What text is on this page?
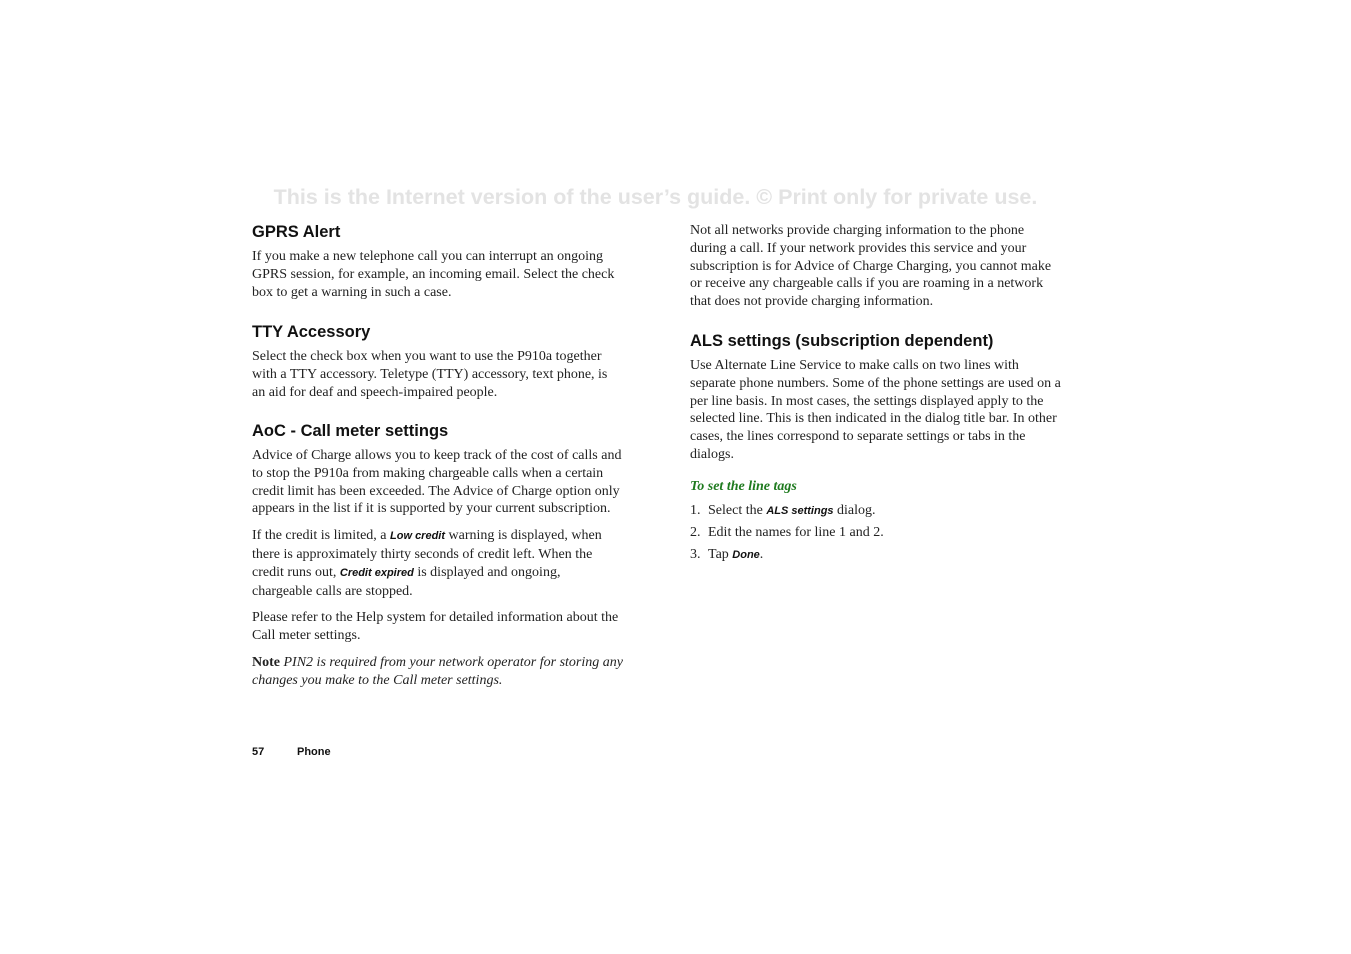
This is the Internet version of the user’s guide. © Print only for private use.
GPRS Alert

If you make a new telephone call you can interrupt an ongoing GPRS session, for example, an incoming email. Select the check box to get a warning in such a case.

TTY Accessory

Select the check box when you want to use the P910a together with a TTY accessory. Teletype (TTY) accessory, text phone, is an aid for deaf and speech-impaired people.

AoC - Call meter settings

Advice of Charge allows you to keep track of the cost of calls and to stop the P910a from making chargeable calls when a certain credit limit has been exceeded. The Advice of Charge option only appears in the list if it is supported by your current subscription.

If the credit is limited, a Low credit warning is displayed, when there is approximately thirty seconds of credit left. When the credit runs out, Credit expired is displayed and ongoing, chargeable calls are stopped.

Please refer to the Help system for detailed information about the Call meter settings.

Note PIN2 is required from your network operator for storing any changes you make to the Call meter settings.

Not all networks provide charging information to the phone during a call. If your network provides this service and your subscription is for Advice of Charge Charging, you cannot make or receive any chargeable calls if you are roaming in a network that does not provide charging information.

ALS settings (subscription dependent)

Use Alternate Line Service to make calls on two lines with separate phone numbers. Some of the phone settings are used on a per line basis. In most cases, the settings displayed apply to the selected line. This is then indicated in the dialog title bar. In other cases, the lines correspond to separate settings or tabs in the dialogs.

To set the line tags

1. Select the ALS settings dialog.
2. Edit the names for line 1 and 2.
3. Tap Done.
57	Phone
